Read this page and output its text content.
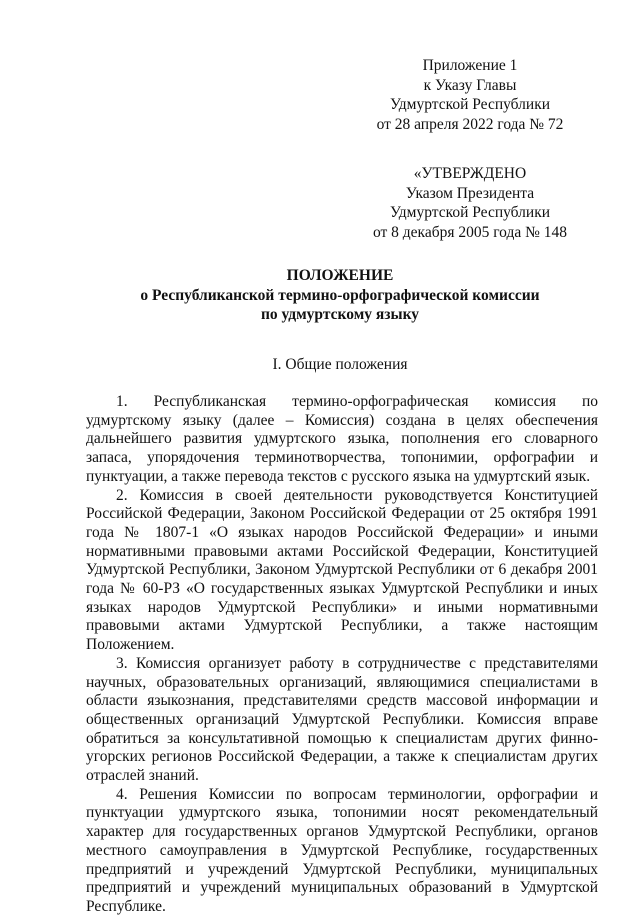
Приложение 1
к Указу Главы
Удмуртской Республики
от 28 апреля 2022 года № 72
«УТВЕРЖДЕНО
Указом Президента
Удмуртской Республики
от 8 декабря 2005 года № 148
ПОЛОЖЕНИЕ
о Республиканской термино-орфографической комиссии
по удмуртскому языку
I. Общие положения

1. Республиканская термино-орфографическая комиссия по удмуртскому языку (далее – Комиссия) создана в целях обеспечения дальнейшего развития удмуртского языка, пополнения его словарного запаса, упорядочения терминотворчества, топонимии, орфографии и пунктуации, а также перевода текстов с русского языка на удмуртский язык.

2. Комиссия в своей деятельности руководствуется Конституцией Российской Федерации, Законом Российской Федерации от 25 октября 1991 года № 1807-1 «О языках народов Российской Федерации» и иными нормативными правовыми актами Российской Федерации, Конституцией Удмуртской Республики, Законом Удмуртской Республики от 6 декабря 2001 года № 60-РЗ «О государственных языках Удмуртской Республики и иных языках народов Удмуртской Республики» и иными нормативными правовыми актами Удмуртской Республики, а также настоящим Положением.

3. Комиссия организует работу в сотрудничестве с представителями научных, образовательных организаций, являющимися специалистами в области языкознания, представителями средств массовой информации и общественных организаций Удмуртской Республики. Комиссия вправе обратиться за консультативной помощью к специалистам других финно-угорских регионов Российской Федерации, а также к специалистам других отраслей знаний.

4. Решения Комиссии по вопросам терминологии, орфографии и пунктуации удмуртского языка, топонимии носят рекомендательный характер для государственных органов Удмуртской Республики, органов местного самоуправления в Удмуртской Республике, государственных предприятий и учреждений Удмуртской Республики, муниципальных предприятий и учреждений муниципальных образований в Удмуртской Республике.
